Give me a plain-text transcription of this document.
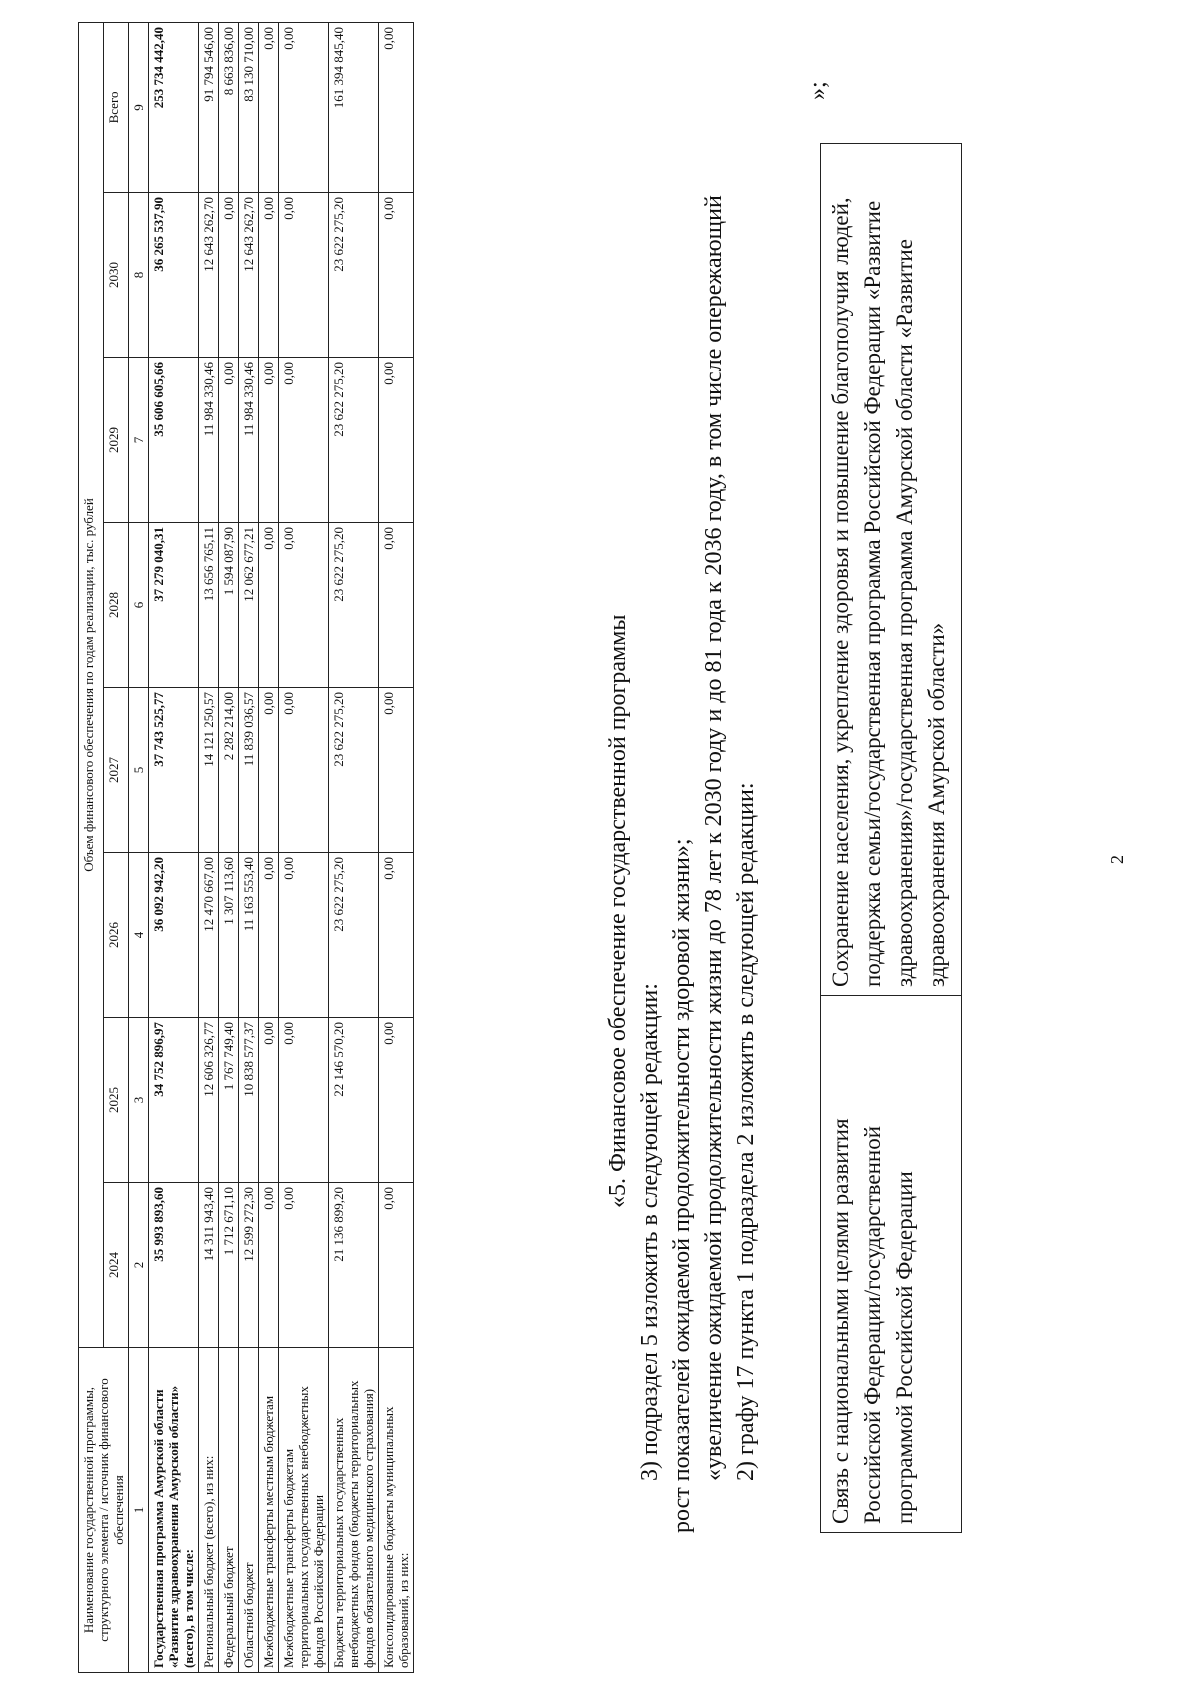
2
Связь с национальными целями развития Российской Федерации/государственной программой Российской Федерации	Сохранение населения, укрепление здоровья и повышение благополучия людей, поддержка семьи/государственная программа Российской Федерации «Развитие здравоохранения»/государственная программа Амурской области «Развитие здравоохранения Амурской области»
»;
2) графу 17 пункта 1 подраздела 2 изложить в следующей редакции:
«увеличение ожидаемой продолжительности жизни до 78 лет к 2030 году и до 81 года к 2036 году, в том числе опережающий
рост показателей ожидаемой продолжительности здоровой жизни»;
3) подраздел 5 изложить в следующей редакции:
«5. Финансовое обеспечение государственной программы
Наименование государственной программы, структурного элемента / источник финансового обеспечения	Объем финансового обеспечения по годам реализации, тыс. рублей							
	2024	2025	2026	2027	2028	2029	2030	Всего
1	2	3	4	5	6	7	8	9
Государственная программа Амурской области «Развитие здравоохранения Амурской области» (всего), в том числе:	35 993 893,60	34 752 896,97	36 092 942,20	37 743 525,77	37 279 040,31	35 606 605,66	36 265 537,90	253 734 442,40
Региональный бюджет (всего), из них:	14 311 943,40	12 606 326,77	12 470 667,00	14 121 250,57	13 656 765,11	11 984 330,46	12 643 262,70	91 794 546,00
Федеральный бюджет	1 712 671,10	1 767 749,40	1 307 113,60	2 282 214,00	1 594 087,90	0,00	0,00	8 663 836,00
Областной бюджет	12 599 272,30	10 838 577,37	11 163 553,40	11 839 036,57	12 062 677,21	11 984 330,46	12 643 262,70	83 130 710,00
Межбюджетные трансферты местным бюджетам	0,00	0,00	0,00	0,00	0,00	0,00	0,00	0,00
Межбюджетные трансферты бюджетам территориальных государственных внебюджетных фондов Российской Федерации	0,00	0,00	0,00	0,00	0,00	0,00	0,00	0,00
Бюджеты территориальных государственных внебюджетных фондов (бюджеты территориальных фондов обязательного медицинского страхования)	21 136 899,20	22 146 570,20	23 622 275,20	23 622 275,20	23 622 275,20	23 622 275,20	23 622 275,20	161 394 845,40
Консолидированные бюджеты муниципальных образований, из них:	0,00	0,00	0,00	0,00	0,00	0,00	0,00	0,00
